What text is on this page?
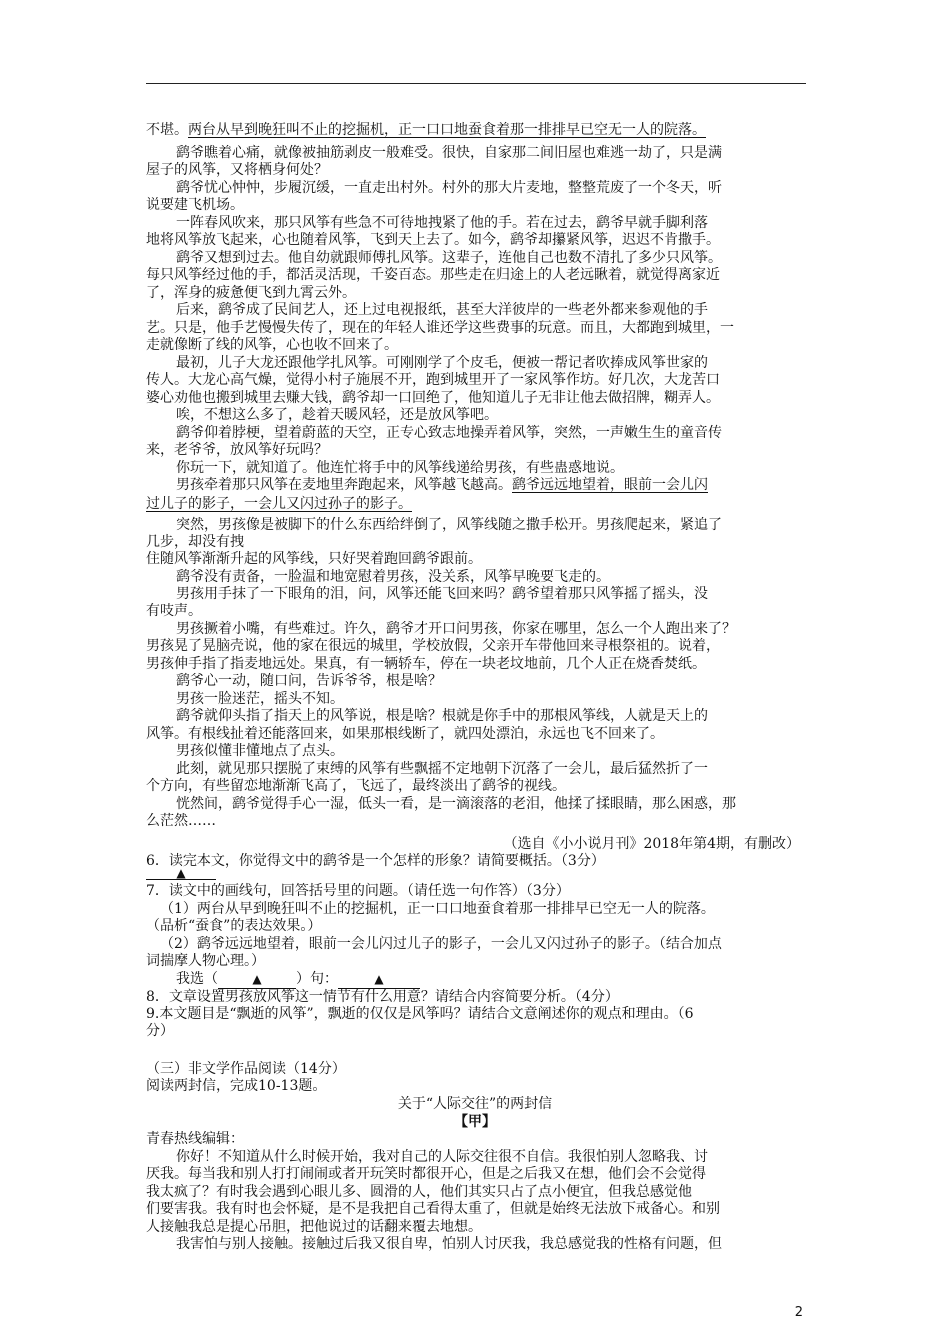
不堪。两台从早到晚狂叫不止的挖掘机，正一口口地蚕食着那一排排早已空无一人的院落。
鹞爷瞧着心痛，就像被抽筋剥皮一般难受。很快，自家那二间旧屋也难逃一劫了，只是满
屋子的风筝，又将栖身何处？
鹞爷忧心忡忡，步履沉缓，一直走出村外。村外的那大片麦地，整整荒废了一个冬天，听
说要建飞机场。
一阵春风吹来，那只风筝有些急不可待地拽紧了他的手。若在过去，鹞爷早就手脚利落
地将风筝放飞起来，心也随着风筝，飞到天上去了。如今，鹞爷却攥紧风筝，迟迟不肯撒手。
鹞爷又想到过去。他自幼就跟师傅扎风筝。这辈子，连他自己也数不清扎了多少只风筝。
每只风筝经过他的手，都活灵活现，千姿百态。那些走在归途上的人老远瞅着，就觉得离家近
了，浑身的疲惫便飞到九霄云外。
后来，鹞爷成了民间艺人，还上过电视报纸，甚至大洋彼岸的一些老外都来参观他的手
艺。只是，他手艺慢慢失传了，现在的年轻人谁还学这些费事的玩意。而且，大都跑到城里，一
走就像断了线的风筝，心也收不回来了。
最初，儿子大龙还跟他学扎风筝。可刚刚学了个皮毛，便被一帮记者吹捧成风筝世家的
传人。大龙心高气燥，觉得小村子施展不开，跑到城里开了一家风筝作坊。好几次，大龙苦口
婆心劝他也搬到城里去赚大钱，鹞爷却一口回绝了，他知道儿子无非让他去做招牌，糊弄人。
唉，不想这么多了，趁着天暖风轻，还是放风筝吧。
鹞爷仰着脖梗，望着蔚蓝的天空，正专心致志地操弄着风筝，突然，一声嫩生生的童音传
来，老爷爷，放风筝好玩吗？
你玩一下，就知道了。他连忙将手中的风筝线递给男孩，有些蛊惑地说。
男孩牵着那只风筝在麦地里奔跑起来，风筝越飞越高。鹞爷远远地望着，眼前一会儿闪
过儿子的影子，一会儿又闪过孙子的影子。
突然，男孩像是被脚下的什么东西给绊倒了，风筝线随之撒手松开。男孩爬起来，紧追了
几步，却没有拽
住随风筝渐渐升起的风筝线，只好哭着跑回鹞爷跟前。
鹞爷没有责备，一脸温和地宽慰着男孩，没关系，风筝早晚要飞走的。
男孩用手抹了一下眼角的泪，问，风筝还能飞回来吗？鹞爷望着那只风筝摇了摇头，没
有吱声。
男孩撅着小嘴，有些难过。许久，鹞爷才开口问男孩，你家在哪里，怎么一个人跑出来了？
男孩晃了晃脑壳说，他的家在很远的城里，学校放假，父亲开车带他回来寻根祭祖的。说着，
男孩伸手指了指麦地远处。果真，有一辆轿车，停在一块老坟地前，几个人正在烧香焚纸。
鹞爷心一动，随口问，告诉爷爷，根是啥？
男孩一脸迷茫，摇头不知。
鹞爷就仰头指了指天上的风筝说，根是啥？根就是你手中的那根风筝线，人就是天上的
风筝。有根线扯着还能落回来，如果那根线断了，就四处漂泊，永远也飞不回来了。
男孩似懂非懂地点了点头。
此刻，就见那只摆脱了束缚的风筝有些飘摇不定地朝下沉落了一会儿，最后猛然折了一
个方向，有些留恋地渐渐飞高了，飞远了，最终淡出了鹞爷的视线。
恍然间，鹞爷觉得手心一湿，低头一看，是一滴滚落的老泪，他揉了揉眼睛，那么困惑，那
么茫然……
（选自《小小说月刊》2018年第4期，有删改）
6．读完本文，你觉得文中的鹞爷是一个怎样的形象？请简要概括。（3分）
▲
7．读文中的画线句，回答括号里的问题。（请任选一句作答）（3分）
（1）两台从早到晚狂叫不止的挖掘机，正一口口地蚕食着那一排排早已空无一人的院落。
（品析“蚕食”的表达效果。）
（2）鹞爷远远地望着，眼前一会儿闪过儿子的影子，一会儿又闪过孙子的影子。（结合加点
词揣摩人物心理。）
我选（	▲ ）句：	▲
8．文章设置男孩放风筝这一情节有什么用意？请结合内容简要分析。（4分）
9.本文题目是“飘逝的风筝”，飘逝的仅仅是风筝吗？请结合文意阐述你的观点和理由。（6
分）
（三）非文学作品阅读（14分）
阅读两封信，完成10-13题。
关于“人际交往”的两封信
【甲】
青春热线编辑：
你好！不知道从什么时候开始，我对自己的人际交往很不自信。我很怕别人忽略我、讨
厌我。每当我和别人打打闹闹或者开玩笑时都很开心，但是之后我又在想，他们会不会觉得
我太疯了？有时我会遇到心眼儿多、圆滑的人，他们其实只占了点小便宜，但我总感觉他
们要害我。我有时也会怀疑，是不是我把自己看得太重了，但就是始终无法放下戒备心。和别
人接触我总是提心吊胆，把他说过的话翻来覆去地想。
我害怕与别人接触。接触过后我又很自卑，怕别人讨厌我，我总感觉我的性格有问题，但
2
